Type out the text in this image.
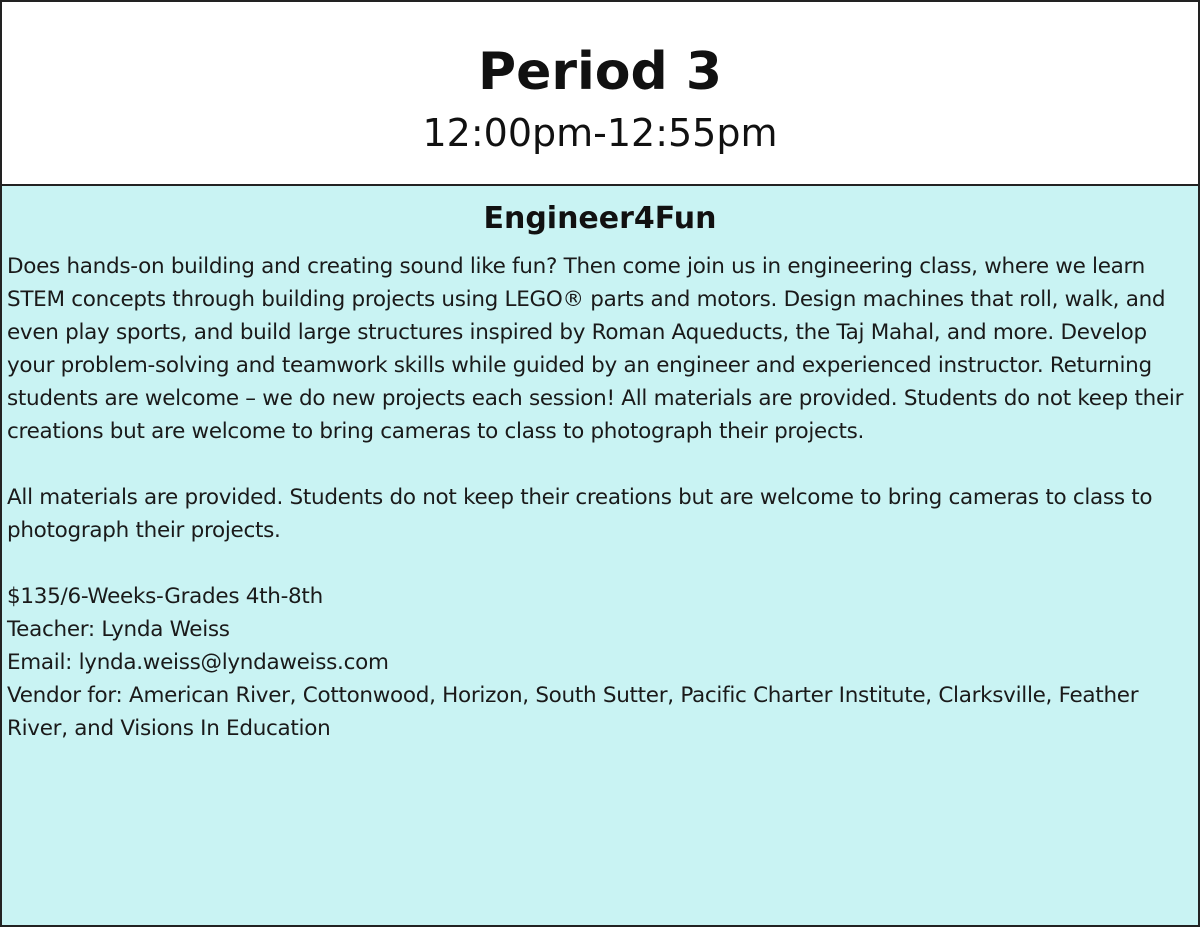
Period 3
12:00pm-12:55pm
Engineer4Fun

Does hands-on building and creating sound like fun? Then come join us in engineering class, where we learn STEM concepts through building projects using LEGO® parts and motors. Design machines that roll, walk, and even play sports, and build large structures inspired by Roman Aqueducts, the Taj Mahal, and more. Develop your problem-solving and teamwork skills while guided by an engineer and experienced instructor. Returning students are welcome – we do new projects each session! All materials are provided. Students do not keep their creations but are welcome to bring cameras to class to photograph their projects.

All materials are provided. Students do not keep their creations but are welcome to bring cameras to class to photograph their projects.

$135/6-Weeks-Grades 4th-8th

Teacher: Lynda Weiss

Email: lynda.weiss@lyndaweiss.com

Vendor for: American River, Cottonwood, Horizon, South Sutter, Pacific Charter Institute, Clarksville, Feather River, and Visions In Education
